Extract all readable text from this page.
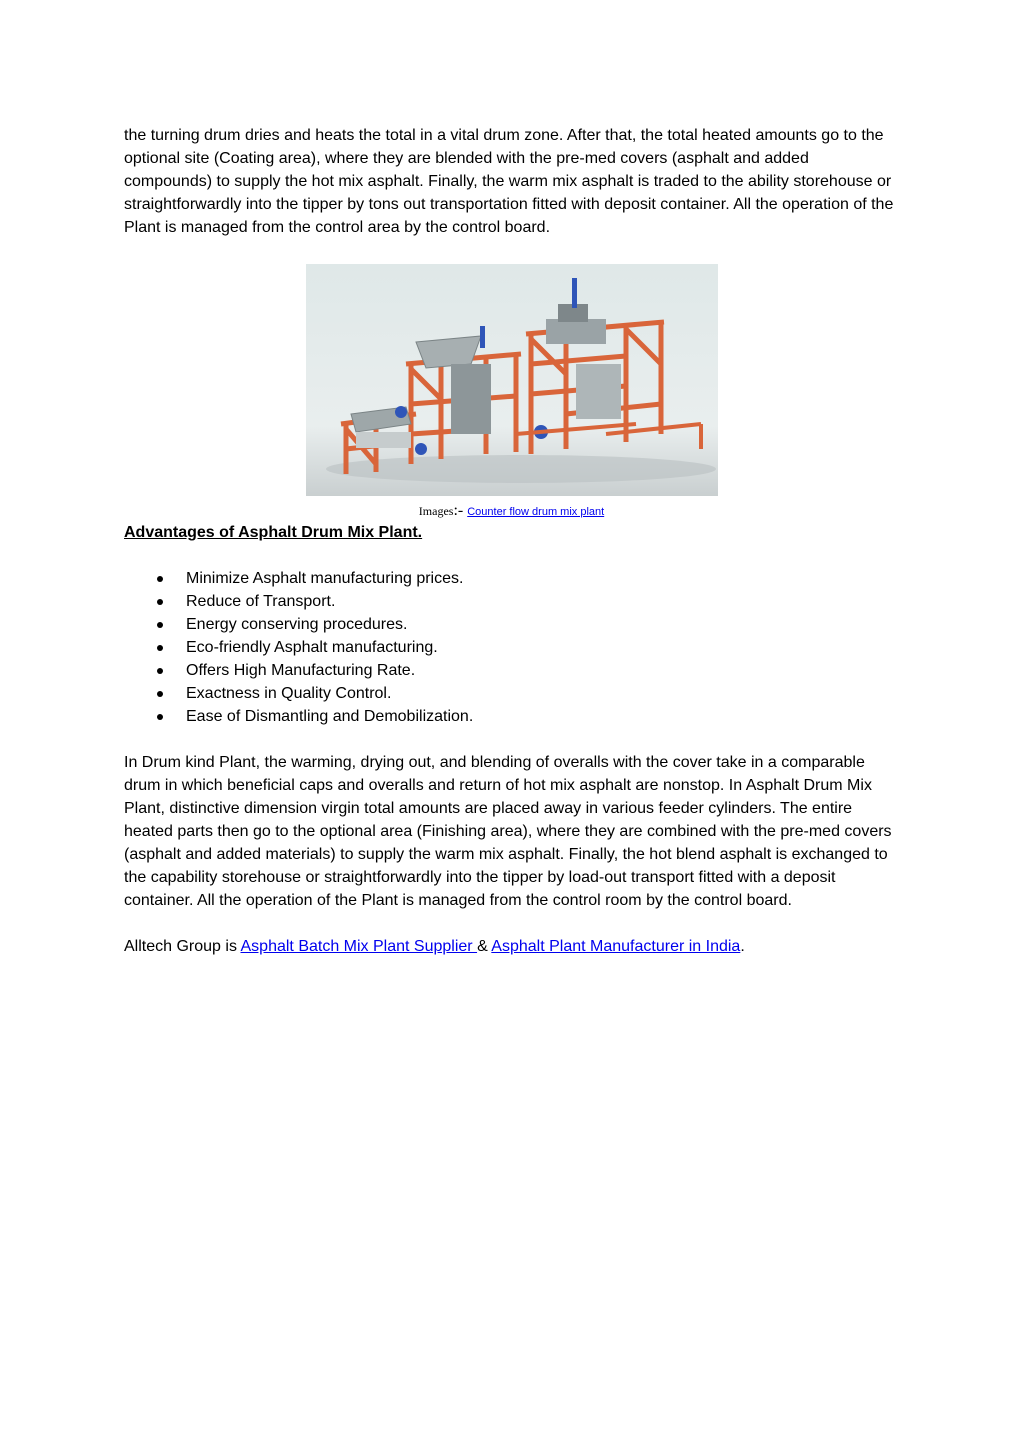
the turning drum dries and heats the total in a vital drum zone. After that, the total heated amounts go to the optional site (Coating area), where they are blended with the pre-med covers (asphalt and added compounds) to supply the hot mix asphalt. Finally, the warm mix asphalt is traded to the ability storehouse or straightforwardly into the tipper by tons out transportation fitted with deposit container. All the operation of the Plant is managed from the control area by the control board.

Images:- Counter flow drum mix plant

Advantages of Asphalt Drum Mix Plant.

Minimize Asphalt manufacturing prices.
Reduce of Transport.
Energy conserving procedures.
Eco-friendly Asphalt manufacturing.
Offers High Manufacturing Rate.
Exactness in Quality Control.
Ease of Dismantling and Demobilization.

In Drum kind Plant, the warming, drying out, and blending of overalls with the cover take in a comparable drum in which beneficial caps and overalls and return of hot mix asphalt are nonstop. In Asphalt Drum Mix Plant, distinctive dimension virgin total amounts are placed away in various feeder cylinders. The entire heated parts then go to the optional area (Finishing area), where they are combined with the pre-med covers (asphalt and added materials) to supply the warm mix asphalt. Finally, the hot blend asphalt is exchanged to the capability storehouse or straightforwardly into the tipper by load-out transport fitted with a deposit container. All the operation of the Plant is managed from the control room by the control board.

Alltech Group is Asphalt Batch Mix Plant Supplier & Asphalt Plant Manufacturer in India.
